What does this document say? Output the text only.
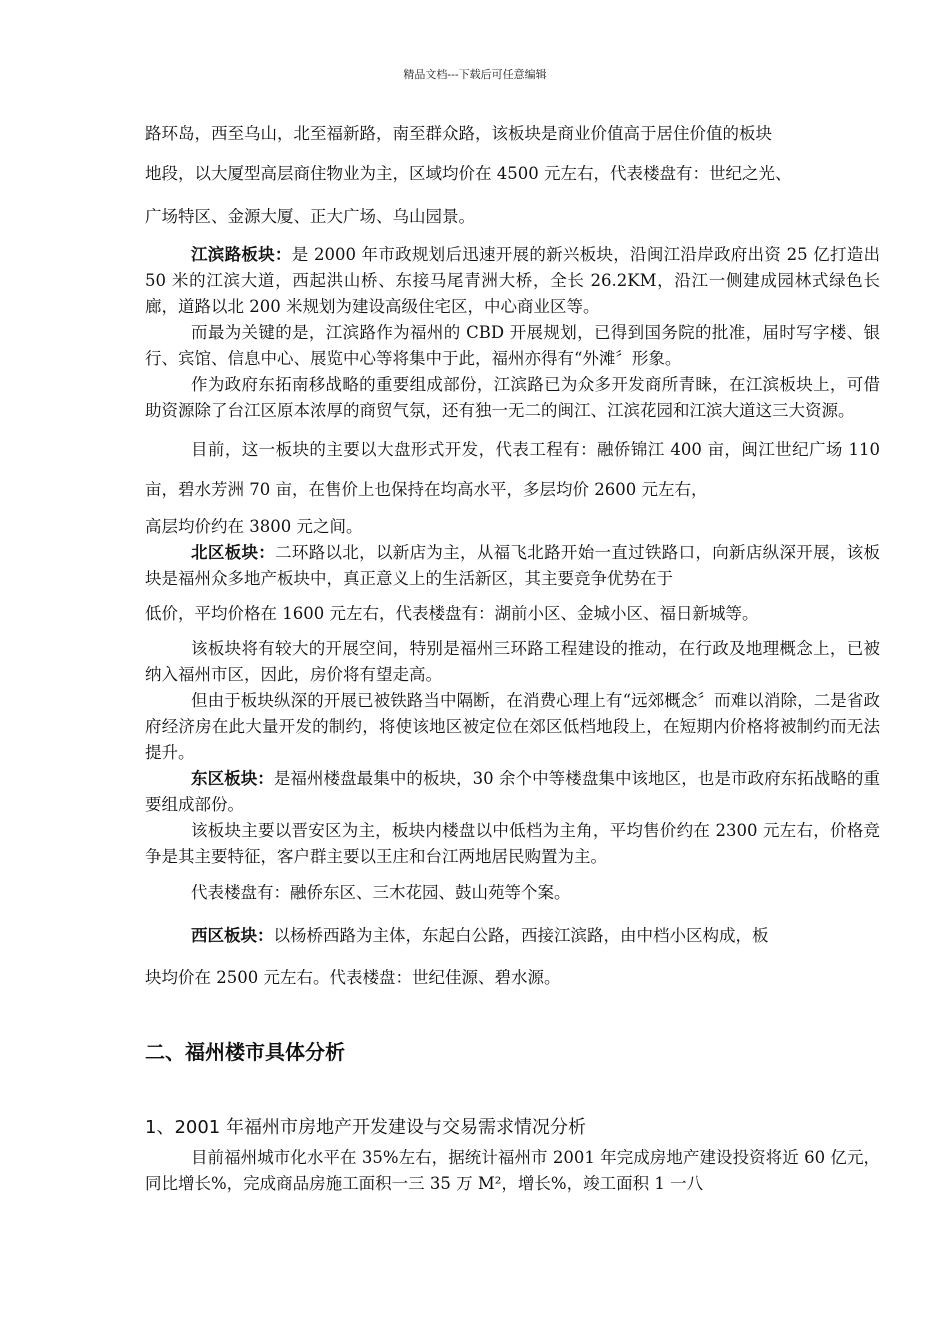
精品文档---下载后可任意编辑
路环岛，西至乌山，北至福新路，南至群众路，该板块是商业价值高于居住价值的板块
地段，以大厦型高层商住物业为主，区域均价在 4500 元左右，代表楼盘有：世纪之光、
广场特区、金源大厦、正大广场、乌山园景。
江滨路板块：是 2000 年市政规划后迅速开展的新兴板块，沿闽江沿岸政府出资 25 亿打造出 50 米的江滨大道，西起洪山桥、东接马尾青洲大桥，全长 26.2KM，沿江一侧建成园林式绿色长廊，道路以北 200 米规划为建设高级住宅区，中心商业区等。
而最为关键的是，江滨路作为福州的 CBD 开展规划，已得到国务院的批准，届时写字楼、银行、宾馆、信息中心、展览中心等将集中于此，福州亦得有“外滩〞形象。
作为政府东拓南移战略的重要组成部份，江滨路已为众多开发商所青睐，在江滨板块上，可借助资源除了台江区原本浓厚的商贸气氛，还有独一无二的闽江、江滨花园和江滨大道这三大资源。
目前，这一板块的主要以大盘形式开发，代表工程有：融侨锦江 400 亩，闽江世纪广场 110 亩，碧水芳洲 70 亩，在售价上也保持在均高水平，多层均价 2600 元左右，
高层均价约在 3800 元之间。
北区板块：二环路以北，以新店为主，从福飞北路开始一直过铁路口，向新店纵深开展，该板块是福州众多地产板块中，真正意义上的生活新区，其主要竞争优势在于
低价，平均价格在 1600 元左右，代表楼盘有：湖前小区、金城小区、福日新城等。
该板块将有较大的开展空间，特别是福州三环路工程建设的推动，在行政及地理概念上，已被纳入福州市区，因此，房价将有望走高。
但由于板块纵深的开展已被铁路当中隔断，在消费心理上有“远郊概念〞而难以消除，二是省政府经济房在此大量开发的制约，将使该地区被定位在郊区低档地段上，在短期内价格将被制约而无法提升。
东区板块：是福州楼盘最集中的板块，30 余个中等楼盘集中该地区，也是市政府东拓战略的重要组成部份。
该板块主要以晋安区为主，板块内楼盘以中低档为主角，平均售价约在 2300 元左右，价格竞争是其主要特征，客户群主要以王庄和台江两地居民购置为主。
代表楼盘有：融侨东区、三木花园、鼓山苑等个案。
西区板块：以杨桥西路为主体，东起白公路，西接江滨路，由中档小区构成，板
块均价在 2500 元左右。代表楼盘：世纪佳源、碧水源。
二、福州楼市具体分析
1、2001 年福州市房地产开发建设与交易需求情况分析
目前福州城市化水平在 35%左右，据统计福州市 2001 年完成房地产建设投资将近 60 亿元，同比增长%，完成商品房施工面积一三 35 万 M²，增长%，竣工面积 1 一八
